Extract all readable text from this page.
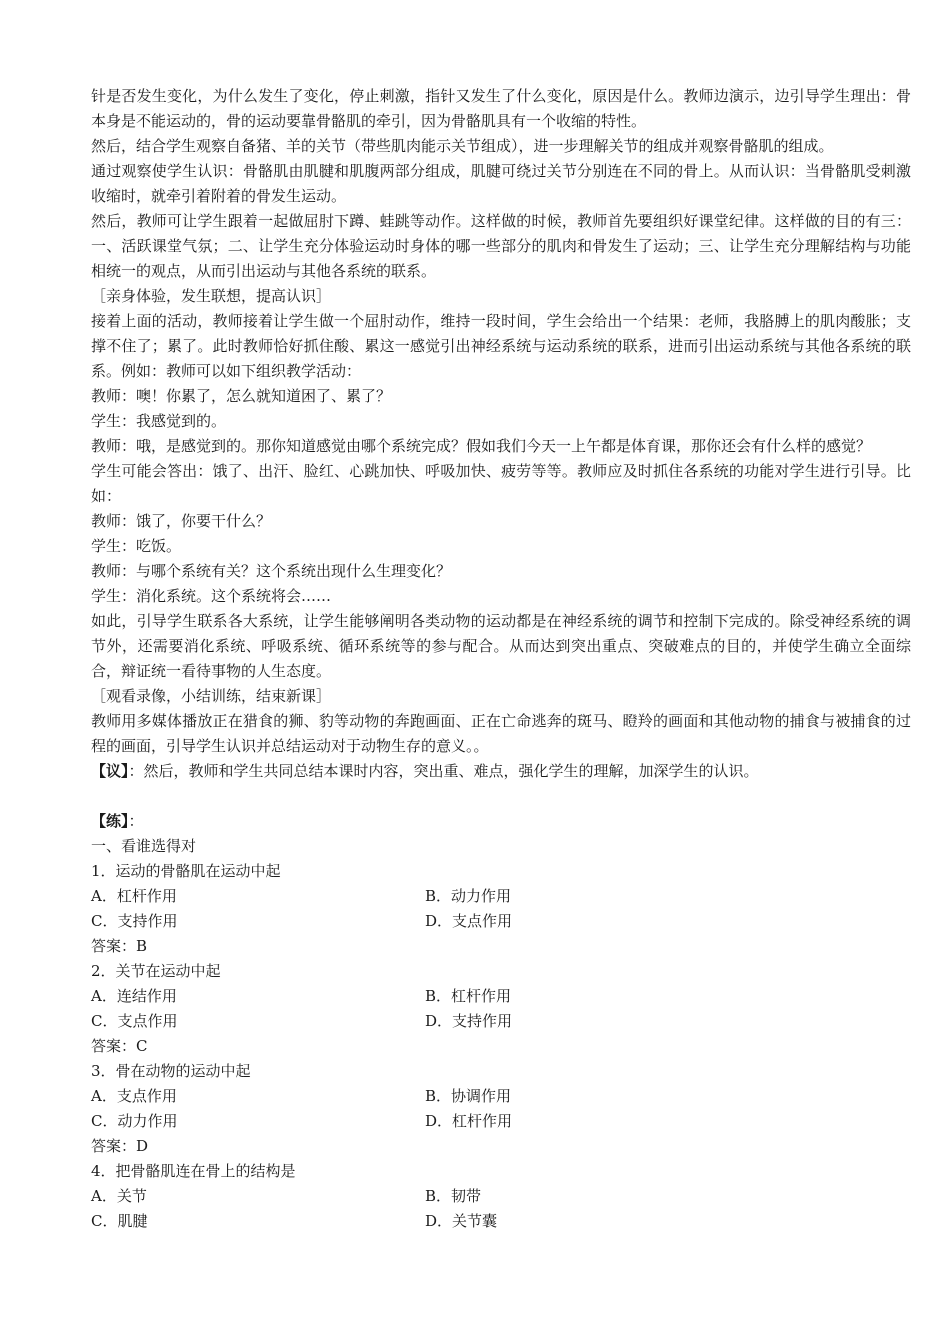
针是否发生变化，为什么发生了变化，停止刺激，指针又发生了什么变化，原因是什么。教师边演示，边引导学生理出：骨本身是不能运动的，骨的运动要靠骨骼肌的牵引，因为骨骼肌具有一个收缩的特性。

然后，结合学生观察自备猪、羊的关节（带些肌肉能示关节组成），进一步理解关节的组成并观察骨骼肌的组成。

通过观察使学生认识：骨骼肌由肌腱和肌腹两部分组成，肌腱可绕过关节分别连在不同的骨上。从而认识：当骨骼肌受刺激收缩时，就牵引着附着的骨发生运动。

然后，教师可让学生跟着一起做屈肘下蹲、蛙跳等动作。这样做的时候，教师首先要组织好课堂纪律。这样做的目的有三：一、活跃课堂气氛；二、让学生充分体验运动时身体的哪一些部分的肌肉和骨发生了运动；三、让学生充分理解结构与功能相统一的观点，从而引出运动与其他各系统的联系。

［亲身体验，发生联想，提高认识］

接着上面的活动，教师接着让学生做一个屈肘动作，维持一段时间，学生会给出一个结果：老师，我胳膊上的肌肉酸胀；支撑不住了；累了。此时教师恰好抓住酸、累这一感觉引出神经系统与运动系统的联系，进而引出运动系统与其他各系统的联系。例如：教师可以如下组织教学活动：

教师：噢！你累了，怎么就知道困了、累了？

学生：我感觉到的。

教师：哦，是感觉到的。那你知道感觉由哪个系统完成？假如我们今天一上午都是体育课，那你还会有什么样的感觉？

学生可能会答出：饿了、出汗、脸红、心跳加快、呼吸加快、疲劳等等。教师应及时抓住各系统的功能对学生进行引导。比如：

教师：饿了，你要干什么？

学生：吃饭。

教师：与哪个系统有关？这个系统出现什么生理变化？

学生：消化系统。这个系统将会……

如此，引导学生联系各大系统，让学生能够阐明各类动物的运动都是在神经系统的调节和控制下完成的。除受神经系统的调节外，还需要消化系统、呼吸系统、循环系统等的参与配合。从而达到突出重点、突破难点的目的，并使学生确立全面综合，辩证统一看待事物的人生态度。

［观看录像，小结训练，结束新课］

教师用多媒体播放正在猎食的狮、豹等动物的奔跑画面、正在亡命逃奔的斑马、瞪羚的画面和其他动物的捕食与被捕食的过程的画面，引导学生认识并总结运动对于动物生存的意义。。

【议】：然后，教师和学生共同总结本课时内容，突出重、难点，强化学生的理解，加深学生的认识。

【练】：

一、看谁选得对

1．运动的骨骼肌在运动中起

A．杠杆作用	B．动力作用
C．支持作用	D．支点作用

答案：B

2．关节在运动中起

A．连结作用	B．杠杆作用
C．支点作用	D．支持作用

答案：C

3．骨在动物的运动中起

A．支点作用	B．协调作用
C．动力作用	D．杠杆作用

答案：D

4．把骨骼肌连在骨上的结构是

A．关节	B．韧带
C．肌腱	D．关节囊
